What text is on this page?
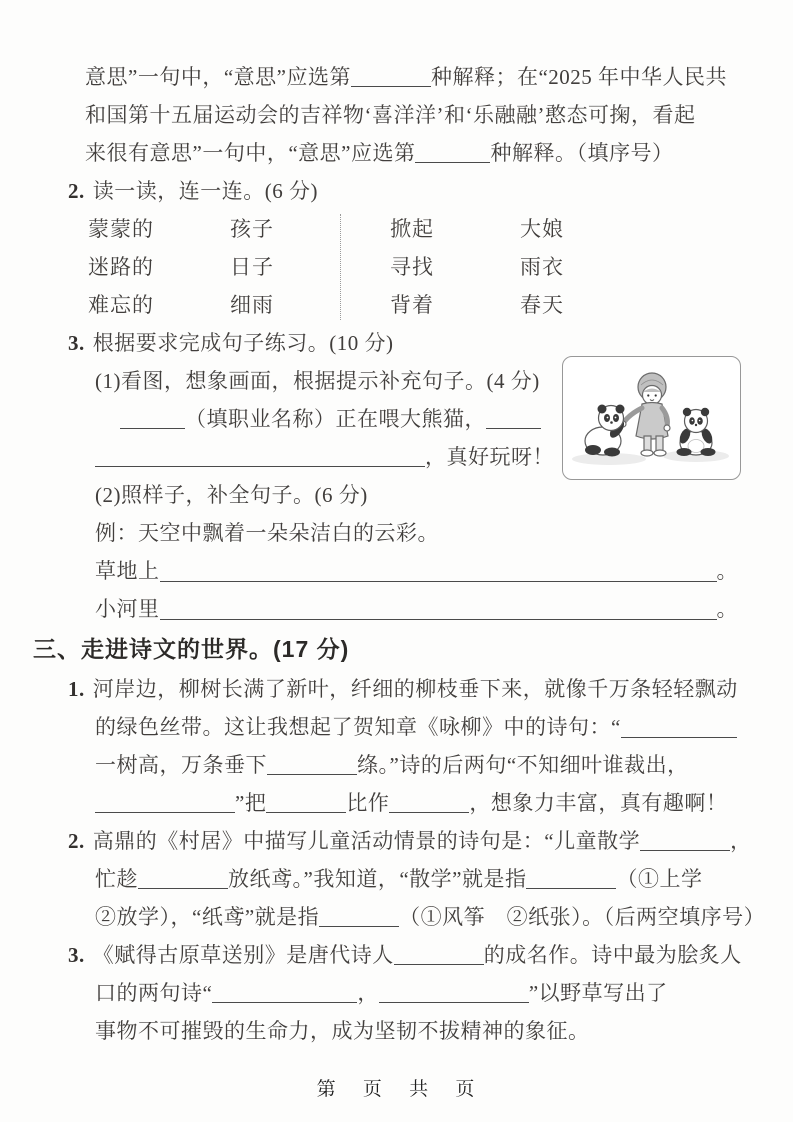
意思”一句中，“意思”应选第	种解释；在“2025 年中华人民共
和国第十五届运动会的吉祥物‘喜洋洋’和‘乐融融’憨态可掬，看起
来很有意思”一句中，“意思”应选第	种解释。（填序号）
2. 读一读，连一连。(6 分)
蒙蒙的	孩子	掀起	大娘
迷路的	日子	寻找	雨衣
难忘的	细雨	背着	春天
3. 根据要求完成句子练习。(10 分)
(1)看图，想象画面，根据提示补充句子。(4 分)
（填职业名称）正在喂大熊猫，
，真好玩呀！
(2)照样子，补全句子。(6 分)
例：天空中飘着一朵朵洁白的云彩。
草地上	。
小河里	。
三、走进诗文的世界。(17 分)
1. 河岸边，柳树长满了新叶，纤细的柳枝垂下来，就像千万条轻轻飘动
的绿色丝带。这让我想起了贺知章《咏柳》中的诗句：“
一树高，万条垂下	绦。”诗的后两句“不知细叶谁裁出，
”把	比作	，想象力丰富，真有趣啊！
2. 高鼎的《村居》中描写儿童活动情景的诗句是：“儿童散学	，
忙趁	放纸鸢。”我知道，“散学”就是指	（①上学
②放学），“纸鸢”就是指	（①风筝　②纸张）。（后两空填序号）
3. 《赋得古原草送别》是唐代诗人	的成名作。诗中最为脍炙人
口的两句诗“	，	”以野草写出了
事物不可摧毁的生命力，成为坚韧不拔精神的象征。
第 页 共 页
